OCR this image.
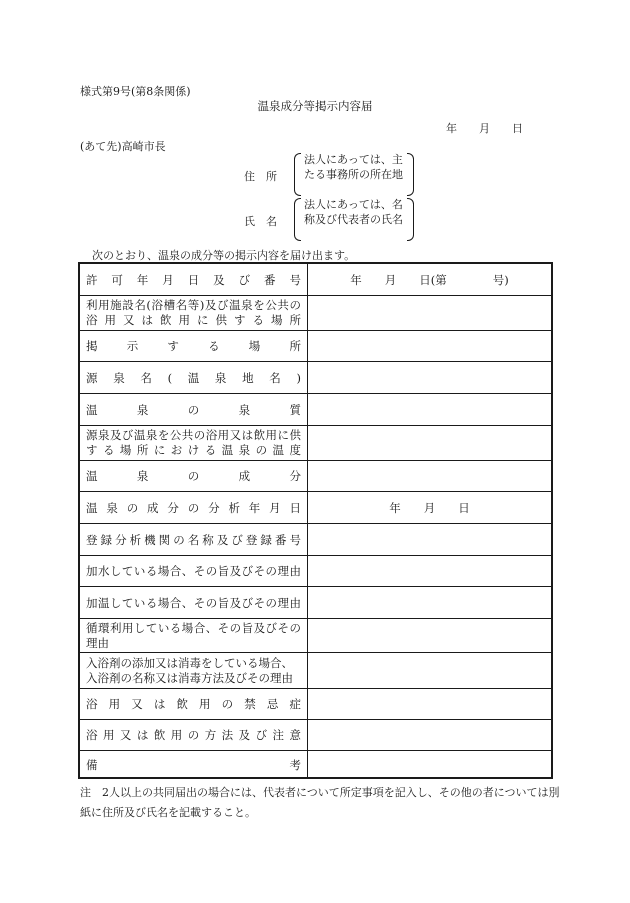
様式第9号(第8条関係)
温泉成分等掲示内容届
年　　月　　日
(あて先)高崎市長
住　所
法人にあっては、主たる事務所の所在地
氏　名
法人にあっては、名称及び代表者の氏名
次のとおり、温泉の成分等の掲示内容を届け出ます。
許可年月日及び番号	年　　月　　日(第　　　　号)
利用施設名(浴槽名等)及び温泉を公共の
浴用又は飲用に供する場所
掲示する場所
源泉名(温泉地名)
温泉の泉質
源泉及び温泉を公共の浴用又は飲用に供
する場所における温泉の温度
温泉の成分
温泉の成分の分析年月日	年　　月　　日
登録分析機関の名称及び登録番号
加水している場合、その旨及びその理由
加温している場合、その旨及びその理由
循環利用している場合、その旨及びその
理由
入浴剤の添加又は消毒をしている場合、
入浴剤の名称又は消毒方法及びその理由
浴用又は飲用の禁忌症
浴用又は飲用の方法及び注意
備考
注　2人以上の共同届出の場合には、代表者について所定事項を記入し、その他の者については別紙に住所及び氏名を記載すること。
